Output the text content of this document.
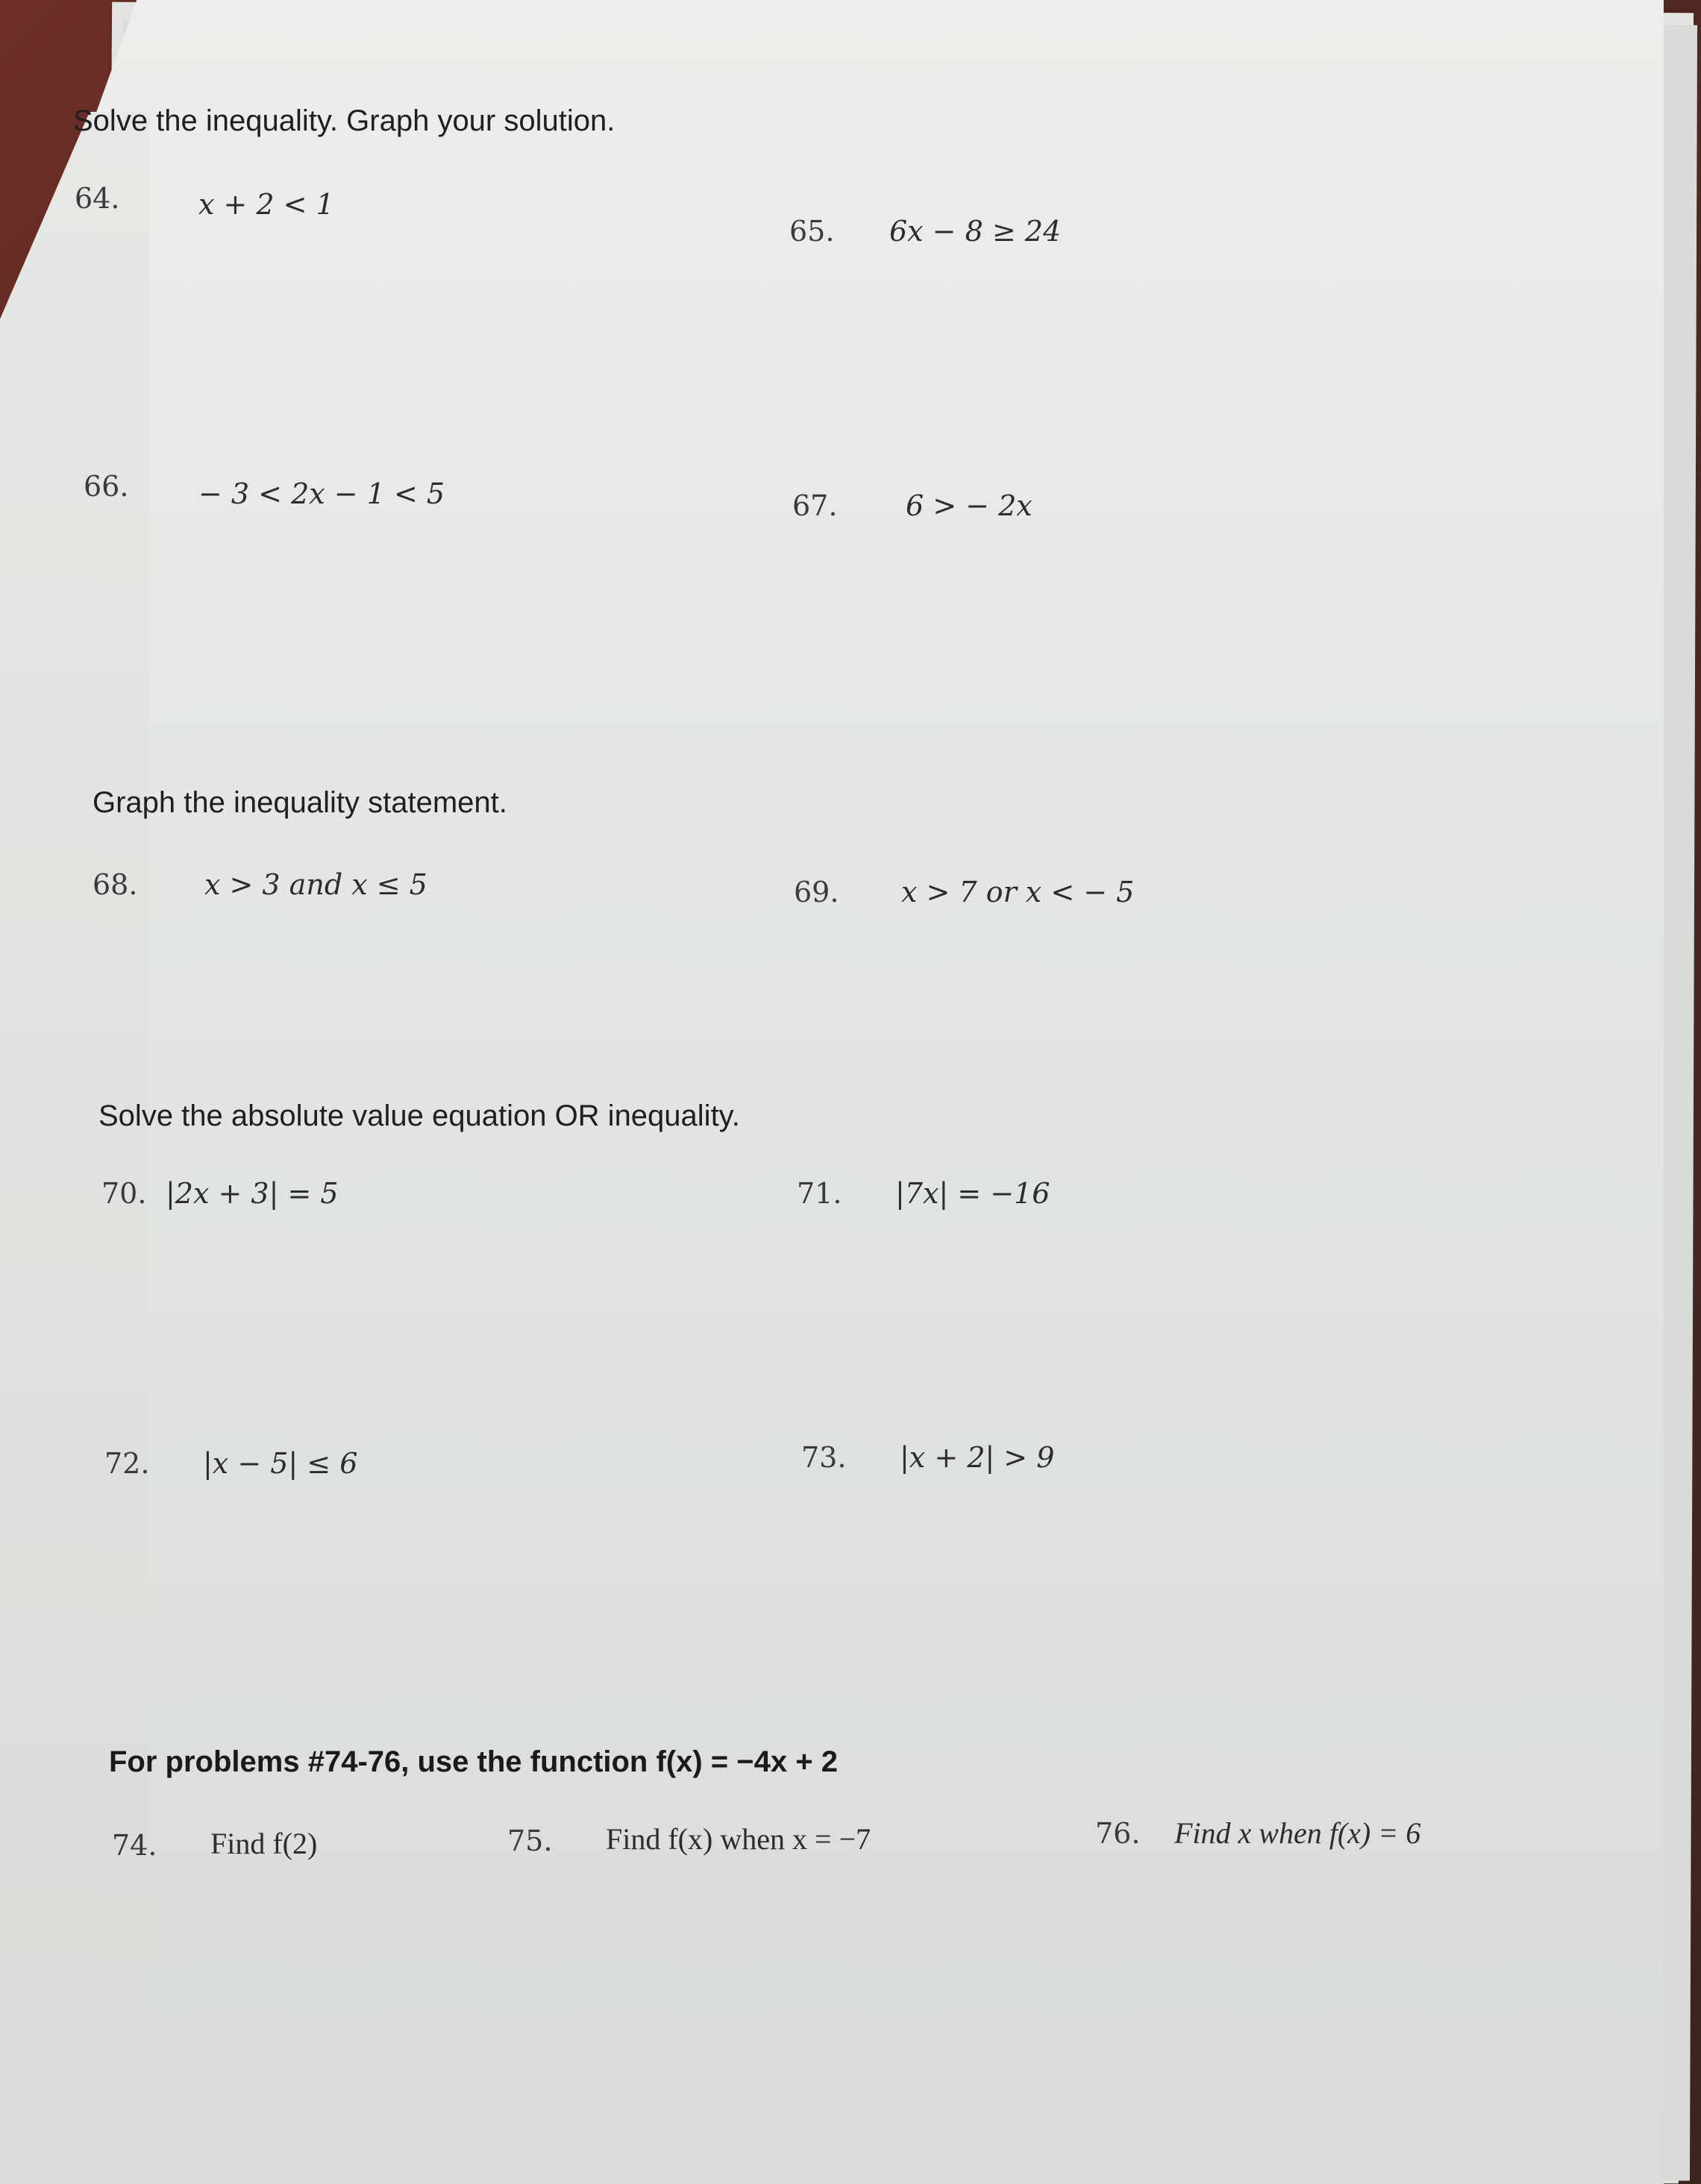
Solve the inequality. Graph your solution.
64.	x + 2 < 1
65. 6x − 8 ≥ 24
66. − 3 < 2x − 1 < 5	67. 6 > − 2x
Graph the inequality statement.
68. x > 3 and x ≤ 5	69. x > 7 or x < − 5
Solve the absolute value equation OR inequality.
70. |2x + 3| = 5	71. |7x| = −16
72. |x − 5| ≤ 6	73. |x + 2| > 9
For problems #74-76, use the function f(x) = −4x + 2
74. Find f(2)	75. Find f(x) when x = −7	76. Find x when f(x) = 6
